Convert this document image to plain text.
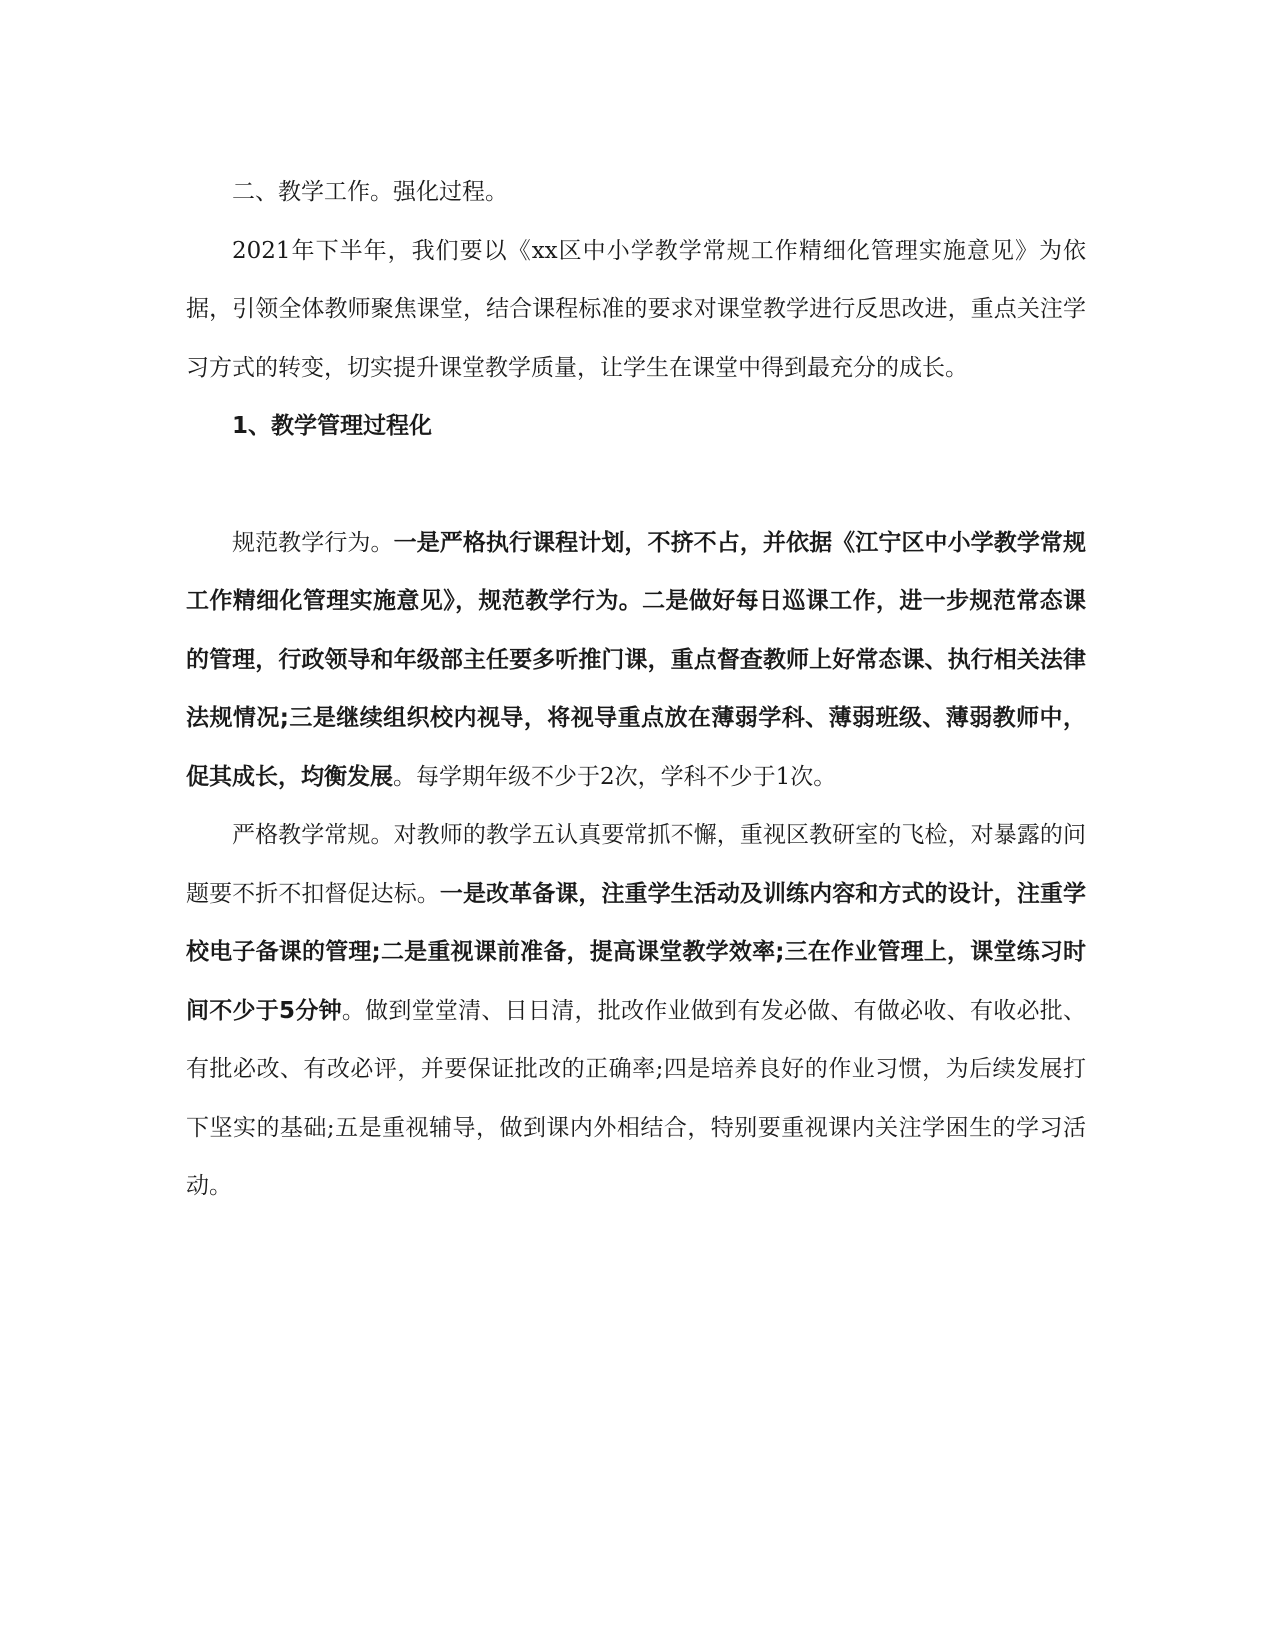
二、教学工作。强化过程。

2021年下半年，我们要以《xx区中小学教学常规工作精细化管理实施意见》为依据，引领全体教师聚焦课堂，结合课程标准的要求对课堂教学进行反思改进，重点关注学习方式的转变，切实提升课堂教学质量，让学生在课堂中得到最充分的成长。

1、教学管理过程化

规范教学行为。一是严格执行课程计划，不挤不占，并依据《江宁区中小学教学常规工作精细化管理实施意见》，规范教学行为。二是做好每日巡课工作，进一步规范常态课的管理，行政领导和年级部主任要多听推门课，重点督查教师上好常态课、执行相关法律法规情况;三是继续组织校内视导，将视导重点放在薄弱学科、薄弱班级、薄弱教师中，促其成长，均衡发展。每学期年级不少于2次，学科不少于1次。

严格教学常规。对教师的教学五认真要常抓不懈，重视区教研室的飞检，对暴露的问题要不折不扣督促达标。一是改革备课，注重学生活动及训练内容和方式的设计，注重学校电子备课的管理;二是重视课前准备，提高课堂教学效率;三在作业管理上，课堂练习时间不少于5分钟。做到堂堂清、日日清，批改作业做到有发必做、有做必收、有收必批、有批必改、有改必评，并要保证批改的正确率;四是培养良好的作业习惯，为后续发展打下坚实的基础;五是重视辅导，做到课内外相结合，特别要重视课内关注学困生的学习活动。
